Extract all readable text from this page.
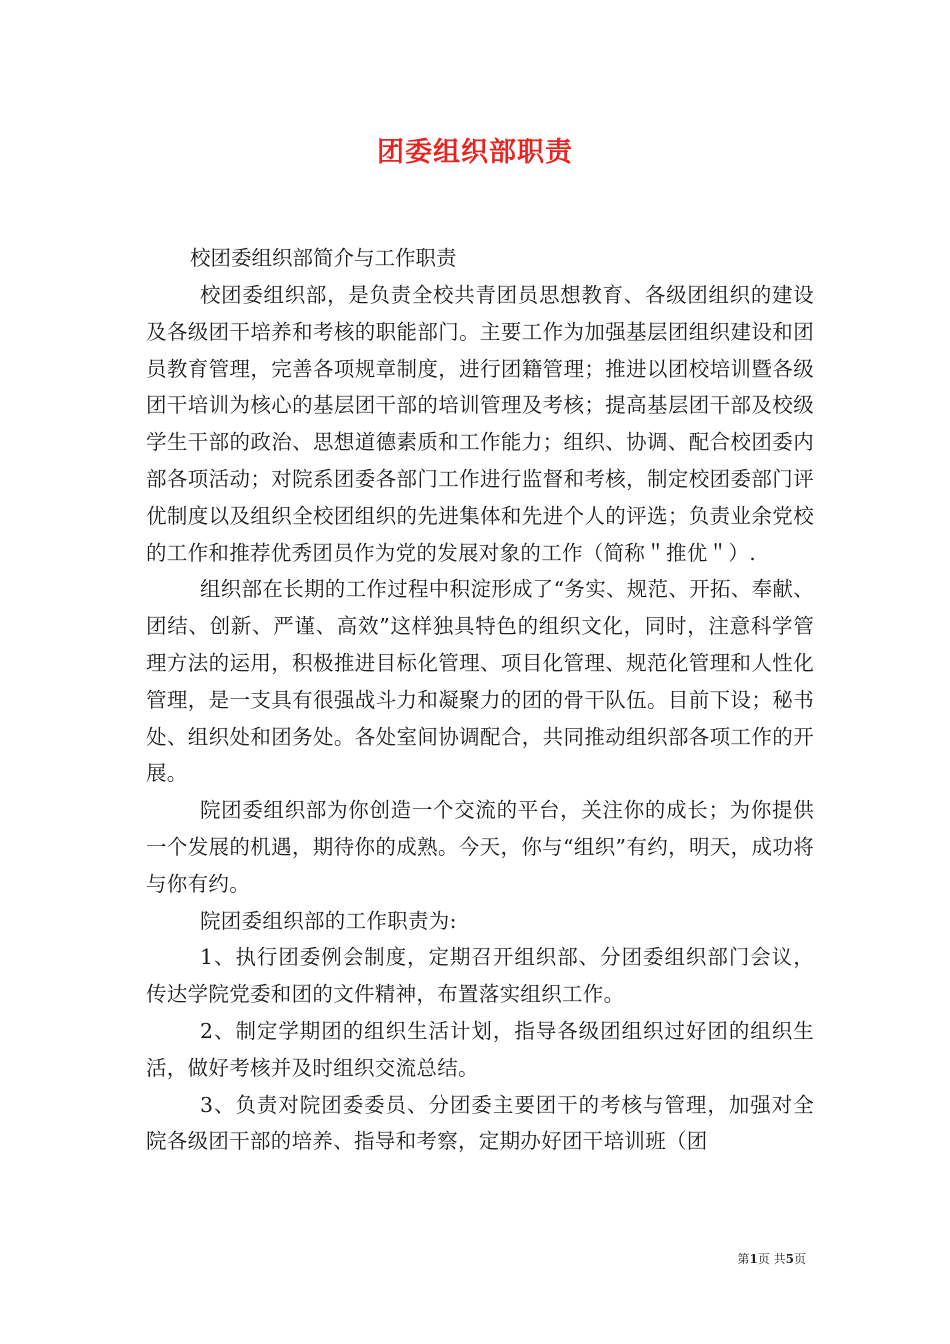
团委组织部职责

校团委组织部简介与工作职责

校团委组织部，是负责全校共青团员思想教育、各级团组织的建设及各级团干培养和考核的职能部门。主要工作为加强基层团组织建设和团员教育管理，完善各项规章制度，进行团籍管理；推进以团校培训暨各级团干培训为核心的基层团干部的培训管理及考核；提高基层团干部及校级学生干部的政治、思想道德素质和工作能力；组织、协调、配合校团委内部各项活动；对院系团委各部门工作进行监督和考核，制定校团委部门评优制度以及组织全校团组织的先进集体和先进个人的评选；负责业余党校的工作和推荐优秀团员作为党的发展对象的工作（简称＂推优＂）.

组织部在长期的工作过程中积淀形成了“务实、规范、开拓、奉献、团结、创新、严谨、高效”这样独具特色的组织文化，同时，注意科学管理方法的运用，积极推进目标化管理、项目化管理、规范化管理和人性化管理，是一支具有很强战斗力和凝聚力的团的骨干队伍。目前下设；秘书处、组织处和团务处。各处室间协调配合，共同推动组织部各项工作的开展。

院团委组织部为你创造一个交流的平台，关注你的成长；为你提供一个发展的机遇，期待你的成熟。今天，你与“组织”有约，明天，成功将与你有约。

院团委组织部的工作职责为:

1、执行团委例会制度，定期召开组织部、分团委组织部门会议，传达学院党委和团的文件精神，布置落实组织工作。

2、制定学期团的组织生活计划，指导各级团组织过好团的组织生活，做好考核并及时组织交流总结。

3、负责对院团委委员、分团委主要团干的考核与管理，加强对全院各级团干部的培养、指导和考察，定期办好团干培训班（团

第1页 共5页
